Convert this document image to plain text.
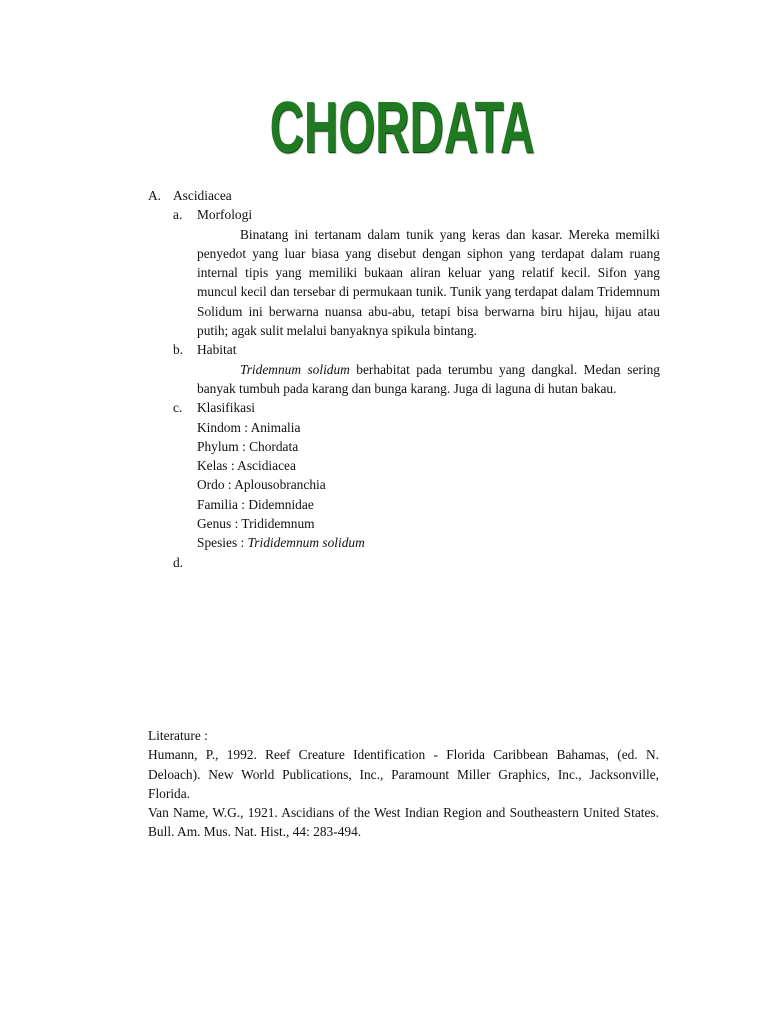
CHORDATA
A. Ascidiacea
a.	Morfologi
Binatang ini tertanam dalam tunik yang keras dan kasar. Mereka memilki penyedot yang luar biasa yang disebut dengan siphon yang terdapat dalam ruang internal tipis yang memiliki bukaan aliran keluar yang relatif kecil. Sifon yang muncul kecil dan tersebar di permukaan tunik. Tunik yang terdapat dalam Tridemnum Solidum ini berwarna nuansa abu-abu, tetapi bisa berwarna biru hijau, hijau atau putih; agak sulit melalui banyaknya spikula bintang.
b.	Habitat
Tridemnum solidum berhabitat pada terumbu yang dangkal. Medan sering banyak tumbuh pada karang dan bunga karang. Juga di laguna di hutan bakau.
c.	Klasifikasi
Kindom : Animalia
Phylum : Chordata
Kelas : Ascidiacea
Ordo : Aplousobranchia
Familia : Didemnidae
Genus : Trididemnum
Spesies : Trididemnum solidum
d.
Literature :
Humann, P., 1992. Reef Creature Identification - Florida Caribbean Bahamas, (ed. N. Deloach). New World Publications, Inc., Paramount Miller Graphics, Inc., Jacksonville, Florida.
Van Name, W.G., 1921. Ascidians of the West Indian Region and Southeastern United States. Bull. Am. Mus. Nat. Hist., 44: 283-494.
